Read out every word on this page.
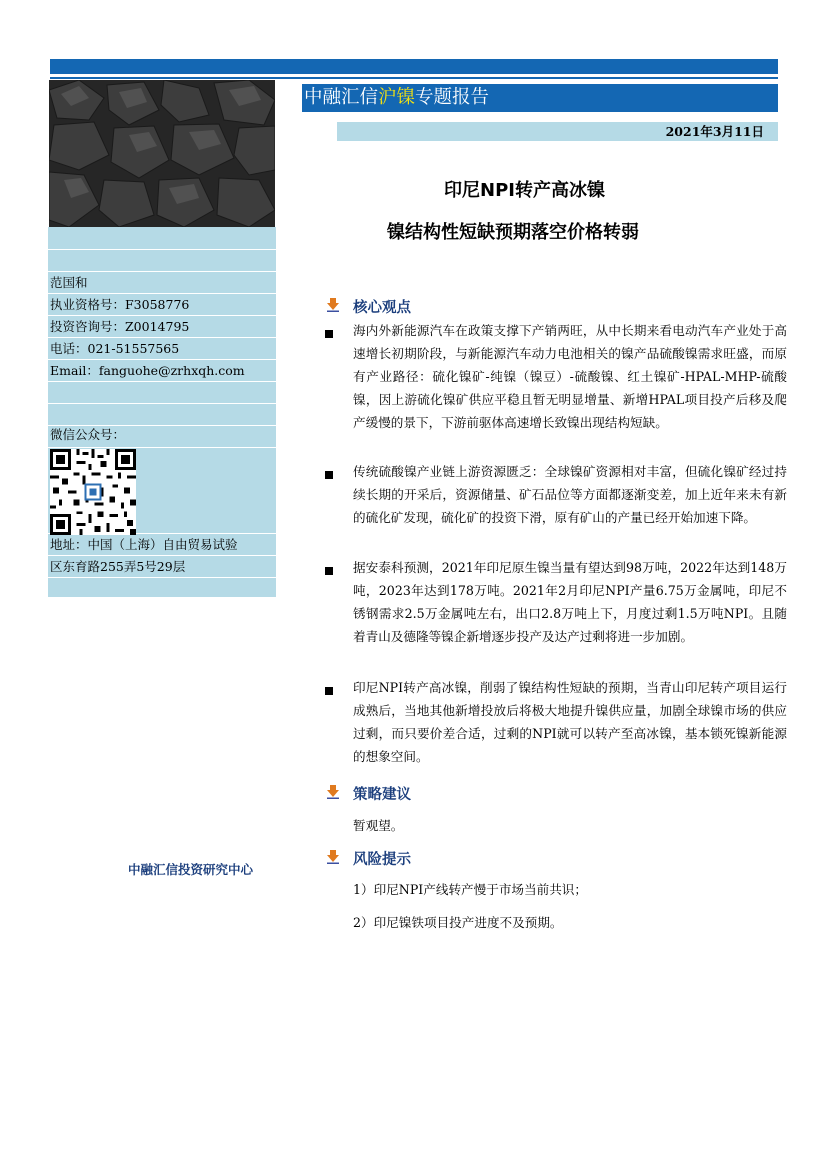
范国和
执业资格号：F3058776
投资咨询号：Z0014795
电话：021-51557565
Email：fanguohe@zrhxqh.com
微信公众号：
地址：中国（上海）自由贸易试验
区东育路255弄5号29层
中融汇信沪镍专题报告
2021年3月11日
印尼NPI转产高冰镍
镍结构性短缺预期落空价格转弱
核心观点

海内外新能源汽车在政策支撑下产销两旺，从中长期来看电动汽车产业处于高速增长初期阶段，与新能源汽车动力电池相关的镍产品硫酸镍需求旺盛，而原有产业路径：硫化镍矿-纯镍（镍豆）-硫酸镍、红土镍矿-HPAL-MHP-硫酸镍，因上游硫化镍矿供应平稳且暂无明显增量、新增HPAL项目投产后移及爬产缓慢的景下，下游前驱体高速增长致镍出现结构短缺。

传统硫酸镍产业链上游资源匮乏：全球镍矿资源相对丰富，但硫化镍矿经过持续长期的开采后，资源储量、矿石品位等方面都逐渐变差，加上近年来未有新的硫化矿发现，硫化矿的投资下滑，原有矿山的产量已经开始加速下降。

据安泰科预测，2021年印尼原生镍当量有望达到98万吨，2022年达到148万吨，2023年达到178万吨。2021年2月印尼NPI产量6.75万金属吨，印尼不锈钢需求2.5万金属吨左右，出口2.8万吨上下，月度过剩1.5万吨NPI。且随着青山及德隆等镍企新增逐步投产及达产过剩将进一步加剧。

印尼NPI转产高冰镍，削弱了镍结构性短缺的预期，当青山印尼转产项目运行成熟后，当地其他新增投放后将极大地提升镍供应量，加剧全球镍市场的供应过剩，而只要价差合适，过剩的NPI就可以转产至高冰镍，基本锁死镍新能源的想象空间。

策略建议
暂观望。
中融汇信投资研究中心
风险提示
1）印尼NPI产线转产慢于市场当前共识；
2）印尼镍铁项目投产进度不及预期。
